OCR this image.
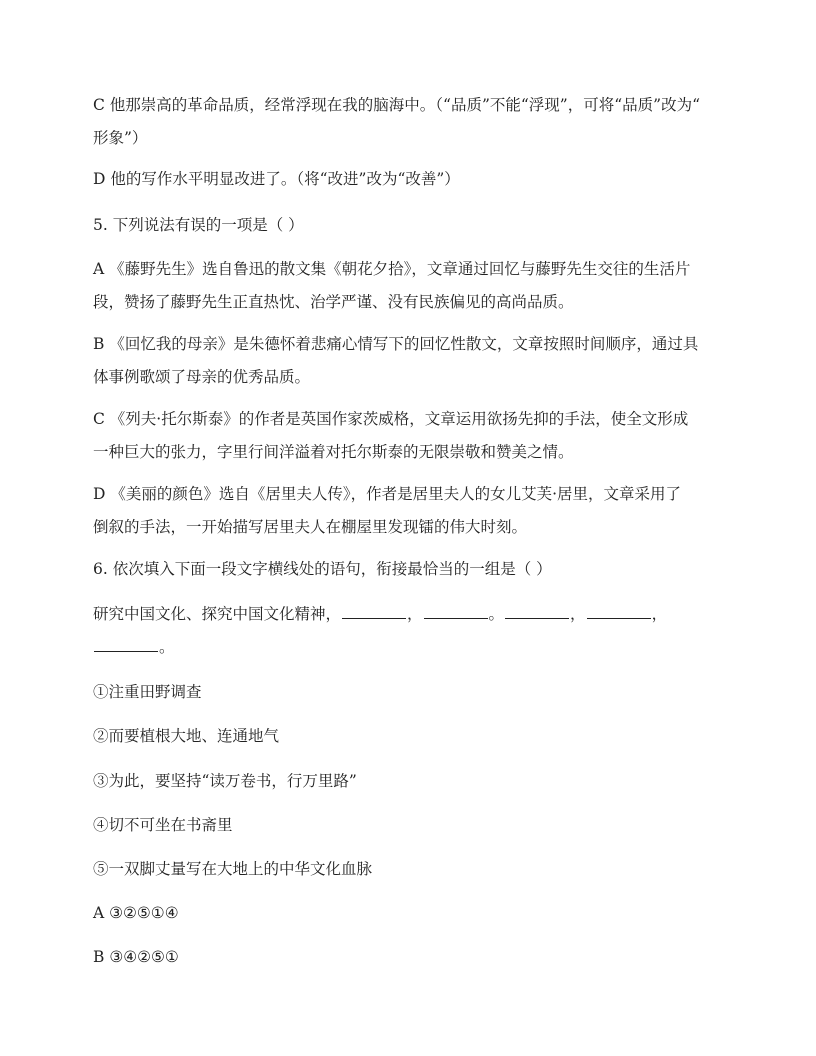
C 他那崇高的革命品质，经常浮现在我的脑海中。（“品质”不能“浮现”，可将“品质”改为“
形象”）

D 他的写作水平明显改进了。（将“改进”改为“改善”）

5. 下列说法有误的一项是（ ）

A 《藤野先生》选自鲁迅的散文集《朝花夕拾》，文章通过回忆与藤野先生交往的生活片
段，赞扬了藤野先生正直热忱、治学严谨、没有民族偏见的高尚品质。

B 《回忆我的母亲》是朱德怀着悲痛心情写下的回忆性散文，文章按照时间顺序，通过具
体事例歌颂了母亲的优秀品质。

C 《列夫·托尔斯泰》的作者是英国作家茨威格，文章运用欲扬先抑的手法，使全文形成
一种巨大的张力，字里行间洋溢着对托尔斯泰的无限崇敬和赞美之情。

D 《美丽的颜色》选自《居里夫人传》，作者是居里夫人的女儿艾芙·居里，文章采用了
倒叙的手法，一开始描写居里夫人在棚屋里发现镭的伟大时刻。

6. 依次填入下面一段文字横线处的语句，衔接最恰当的一组是（ ）

研究中国文化、探究中国文化精神，	，	。	，	，
。

①注重田野调查

②而要植根大地、连通地气

③为此，要坚持“读万卷书，行万里路”

④切不可坐在书斋里

⑤一双脚丈量写在大地上的中华文化血脉

A ③②⑤①④

B ③④②⑤①
